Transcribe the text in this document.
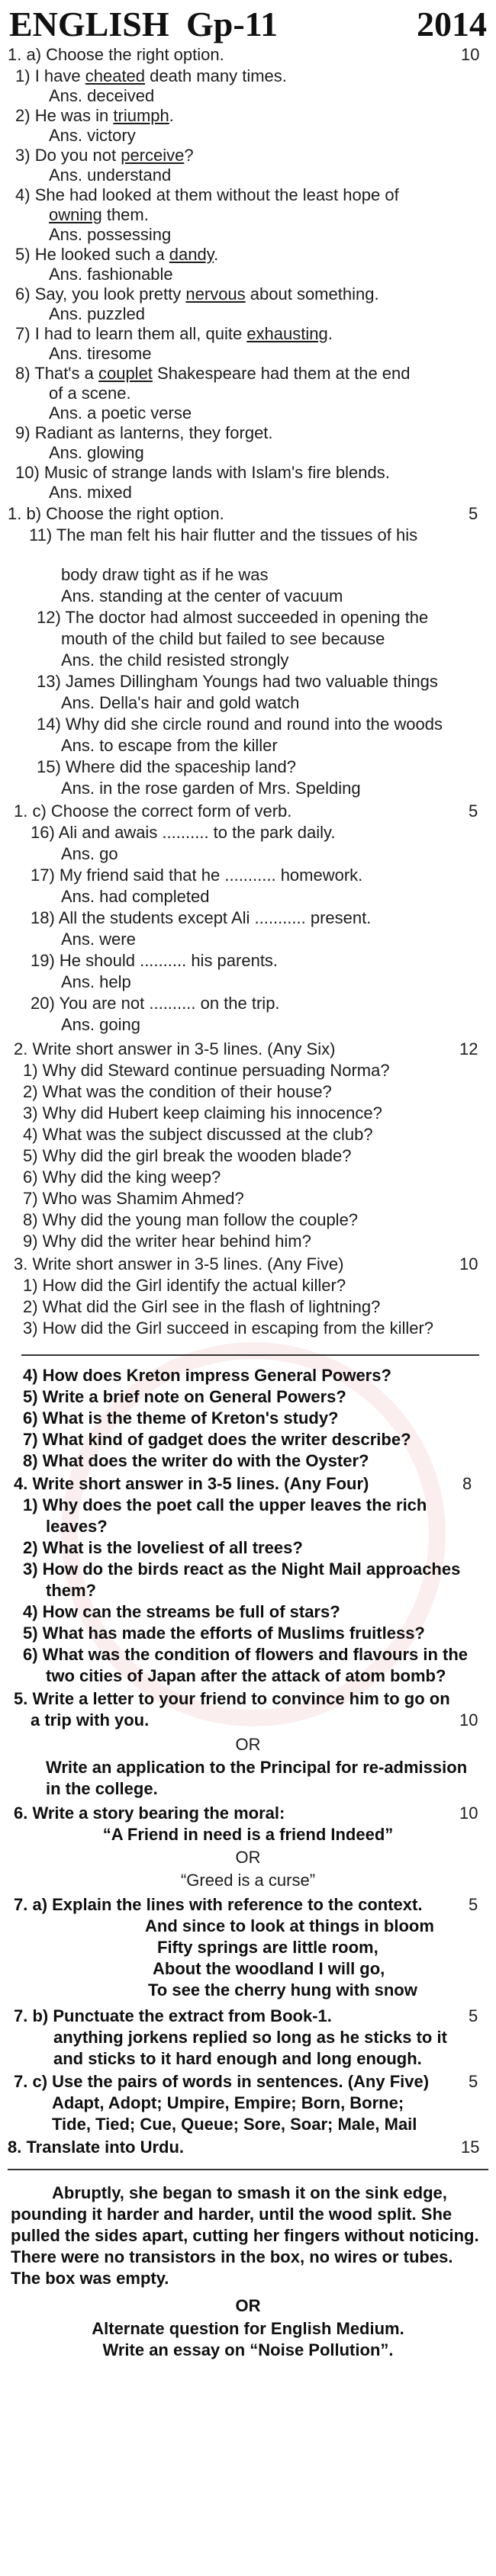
ENGLISH Gp-11	2014
1. a) Choose the right option.	10
1) I have cheated death many times.
Ans. deceived
2) He was in triumph.
Ans. victory
3) Do you not perceive?
Ans. understand
4) She had looked at them without the least hope of
owning them.
Ans. possessing
5) He looked such a dandy.
Ans. fashionable
6) Say, you look pretty nervous about something.
Ans. puzzled
7) I had to learn them all, quite exhausting.
Ans. tiresome
8) That's a couplet Shakespeare had them at the end
of a scene.
Ans. a poetic verse
9) Radiant as lanterns, they forget.
Ans. glowing
10) Music of strange lands with Islam's fire blends.
Ans. mixed
1. b) Choose the right option.	5
11) The man felt his hair flutter and the tissues of his
body draw tight as if he was
Ans. standing at the center of vacuum
12) The doctor had almost succeeded in opening the
mouth of the child but failed to see because
Ans. the child resisted strongly
13) James Dillingham Youngs had two valuable things
Ans. Della's hair and gold watch
14) Why did she circle round and round into the woods
Ans. to escape from the killer
15) Where did the spaceship land?
Ans. in the rose garden of Mrs. Spelding
1. c) Choose the correct form of verb.	5
16) Ali and awais .......... to the park daily.
Ans. go
17) My friend said that he ........... homework.
Ans. had completed
18) All the students except Ali ........... present.
Ans. were
19) He should .......... his parents.
Ans. help
20) You are not .......... on the trip.
Ans. going
2. Write short answer in 3-5 lines. (Any Six)	12
1) Why did Steward continue persuading Norma?
2) What was the condition of their house?
3) Why did Hubert keep claiming his innocence?
4) What was the subject discussed at the club?
5) Why did the girl break the wooden blade?
6) Why did the king weep?
7) Who was Shamim Ahmed?
8) Why did the young man follow the couple?
9) Why did the writer hear behind him?
3. Write short answer in 3-5 lines. (Any Five)	10
1) How did the Girl identify the actual killer?
2) What did the Girl see in the flash of lightning?
3) How did the Girl succeed in escaping from the killer?
4) How does Kreton impress General Powers?
5) Write a brief note on General Powers?
6) What is the theme of Kreton's study?
7) What kind of gadget does the writer describe?
8) What does the writer do with the Oyster?
4. Write short answer in 3-5 lines. (Any Four)	8
1) Why does the poet call the upper leaves the rich
leaves?
2) What is the loveliest of all trees?
3) How do the birds react as the Night Mail approaches
them?
4) How can the streams be full of stars?
5) What has made the efforts of Muslims fruitless?
6) What was the condition of flowers and flavours in the
two cities of Japan after the attack of atom bomb?
5. Write a letter to your friend to convince him to go on
a trip with you.	10
OR
Write an application to the Principal for re-admission
in the college.
6. Write a story bearing the moral:	10
“A Friend in need is a friend Indeed”
OR
“Greed is a curse”
7. a) Explain the lines with reference to the context.	5
And since to look at things in bloom
Fifty springs are little room,
About the woodland I will go,
To see the cherry hung with snow
7. b) Punctuate the extract from Book-1.	5
anything jorkens replied so long as he sticks to it
and sticks to it hard enough and long enough.
7. c) Use the pairs of words in sentences. (Any Five)	5
Adapt, Adopt; Umpire, Empire; Born, Borne;
Tide, Tied; Cue, Queue; Sore, Soar; Male, Mail
8. Translate into Urdu.	15
Abruptly, she began to smash it on the sink edge,
pounding it harder and harder, until the wood split. She
pulled the sides apart, cutting her fingers without noticing.
There were no transistors in the box, no wires or tubes.
The box was empty.
OR
Alternate question for English Medium.
Write an essay on “Noise Pollution”.
